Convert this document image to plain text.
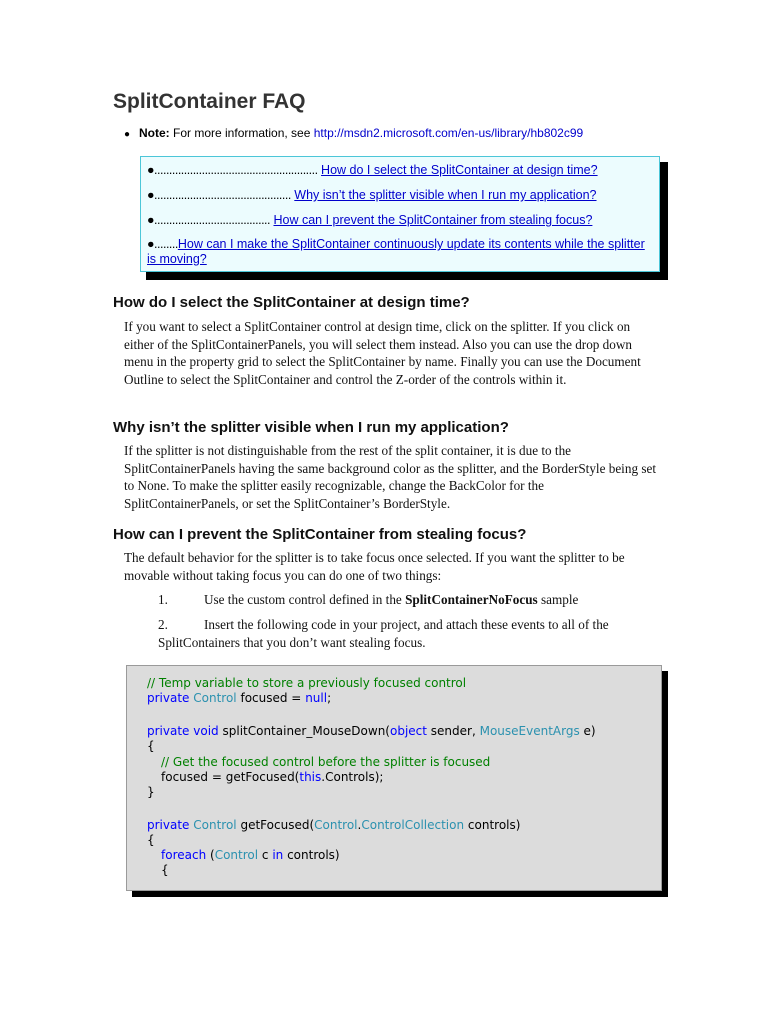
SplitContainer FAQ
● Note: For more information, see http://msdn2.microsoft.com/en-us/library/hb802c99
●....................................................... How do I select the SplitContainer at design time?
●.............................................. Why isn’t the splitter visible when I run my application?
●....................................... How can I prevent the SplitContainer from stealing focus?
●........How can I make the SplitContainer continuously update its contents while the splitter is moving?
How do I select the SplitContainer at design time?

If you want to select a SplitContainer control at design time, click on the splitter. If you click on either of the SplitContainerPanels, you will select them instead. Also you can use the drop down menu in the property grid to select the SplitContainer by name. Finally you can use the Document Outline to select the SplitContainer and control the Z-order of the controls within it.

Why isn’t the splitter visible when I run my application?

If the splitter is not distinguishable from the rest of the split container, it is due to the SplitContainerPanels having the same background color as the splitter, and the BorderStyle being set to None. To make the splitter easily recognizable, change the BackColor for the SplitContainerPanels, or set the SplitContainer’s BorderStyle.

How can I prevent the SplitContainer from stealing focus?

The default behavior for the splitter is to take focus once selected. If you want the splitter to be movable without taking focus you can do one of two things:

1.	Use the custom control defined in the SplitContainerNoFocus sample

2.	Insert the following code in your project, and attach these events to all of the SplitContainers that you don’t want stealing focus.

// Temp variable to store a previously focused control
private Control focused = null;
private void splitContainer_MouseDown(object sender, MouseEventArgs e)
{
// Get the focused control before the splitter is focused
focused = getFocused(this.Controls);
}
private Control getFocused(Control.ControlCollection controls)
{
foreach (Control c in controls)
{
